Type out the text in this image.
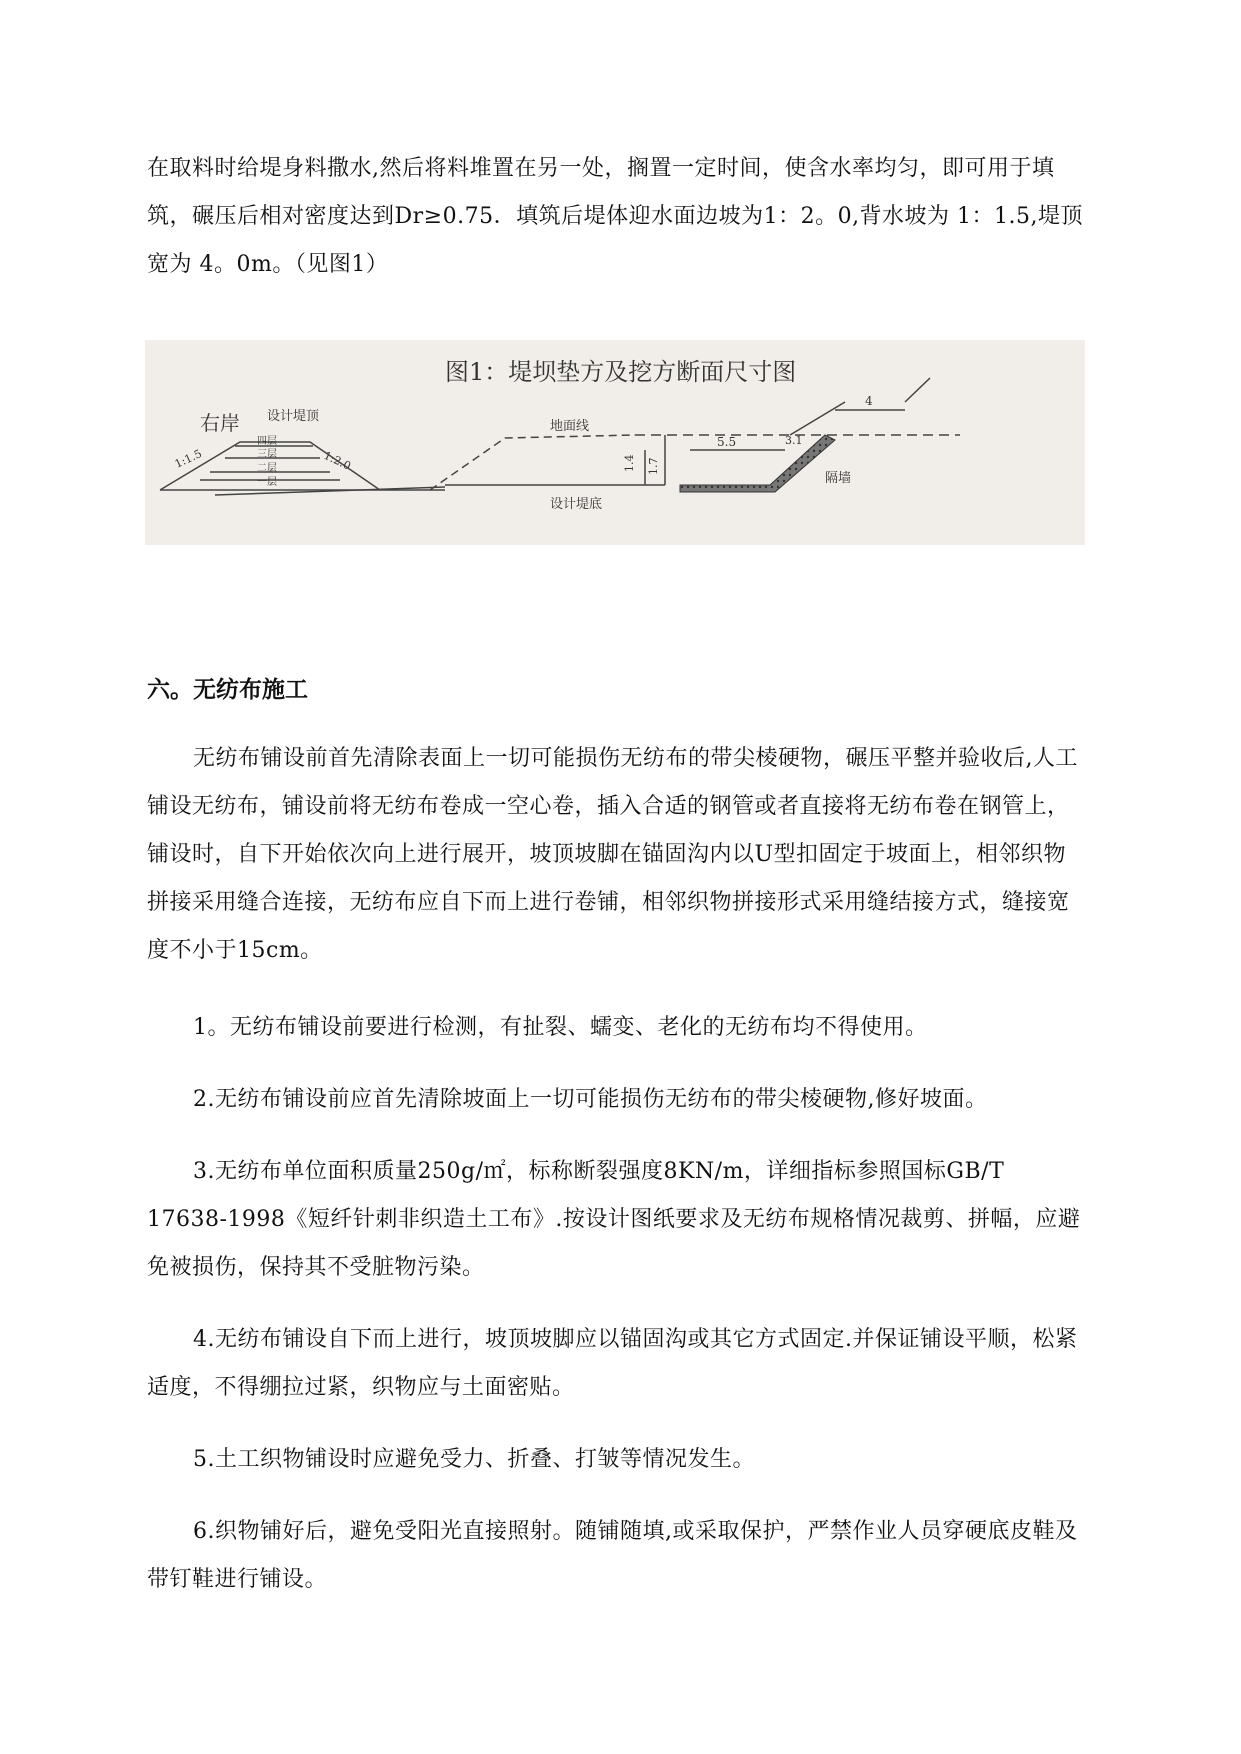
在取料时给堤身料撒水,然后将料堆置在另一处，搁置一定时间，使含水率均匀，即可用于填筑，碾压后相对密度达到Dr≥0.75．填筑后堤体迎水面边坡为1：2。0,背水坡为 1：1.5,堤顶宽为 4。0m。（见图1）

图1：堤坝垫方及挖方断面尺寸图
右岸 设计堤顶
四层
三层
二层
一层
1:1.5	1:2.0
地面线
设计堤底
1.4 1.7
5.5	3.1
4
隔墙
六。无纺布施工

无纺布铺设前首先清除表面上一切可能损伤无纺布的带尖棱硬物，碾压平整并验收后,人工铺设无纺布，铺设前将无纺布卷成一空心卷，插入合适的钢管或者直接将无纺布卷在钢管上，铺设时，自下开始依次向上进行展开，坡顶坡脚在锚固沟内以U型扣固定于坡面上，相邻织物拼接采用缝合连接，无纺布应自下而上进行卷铺，相邻织物拼接形式采用缝结接方式，缝接宽度不小于15cm。

1。无纺布铺设前要进行检测，有扯裂、蠕变、老化的无纺布均不得使用。

2.无纺布铺设前应首先清除坡面上一切可能损伤无纺布的带尖棱硬物,修好坡面。

3.无纺布单位面积质量250g/㎡，标称断裂强度8KN/m，详细指标参照国标GB/T 17638-1998《短纤针刺非织造土工布》.按设计图纸要求及无纺布规格情况裁剪、拼幅，应避免被损伤，保持其不受脏物污染。

4.无纺布铺设自下而上进行，坡顶坡脚应以锚固沟或其它方式固定.并保证铺设平顺，松紧适度，不得绷拉过紧，织物应与土面密贴。

5.土工织物铺设时应避免受力、折叠、打皱等情况发生。

6.织物铺好后，避免受阳光直接照射。随铺随填,或采取保护，严禁作业人员穿硬底皮鞋及带钉鞋进行铺设。
